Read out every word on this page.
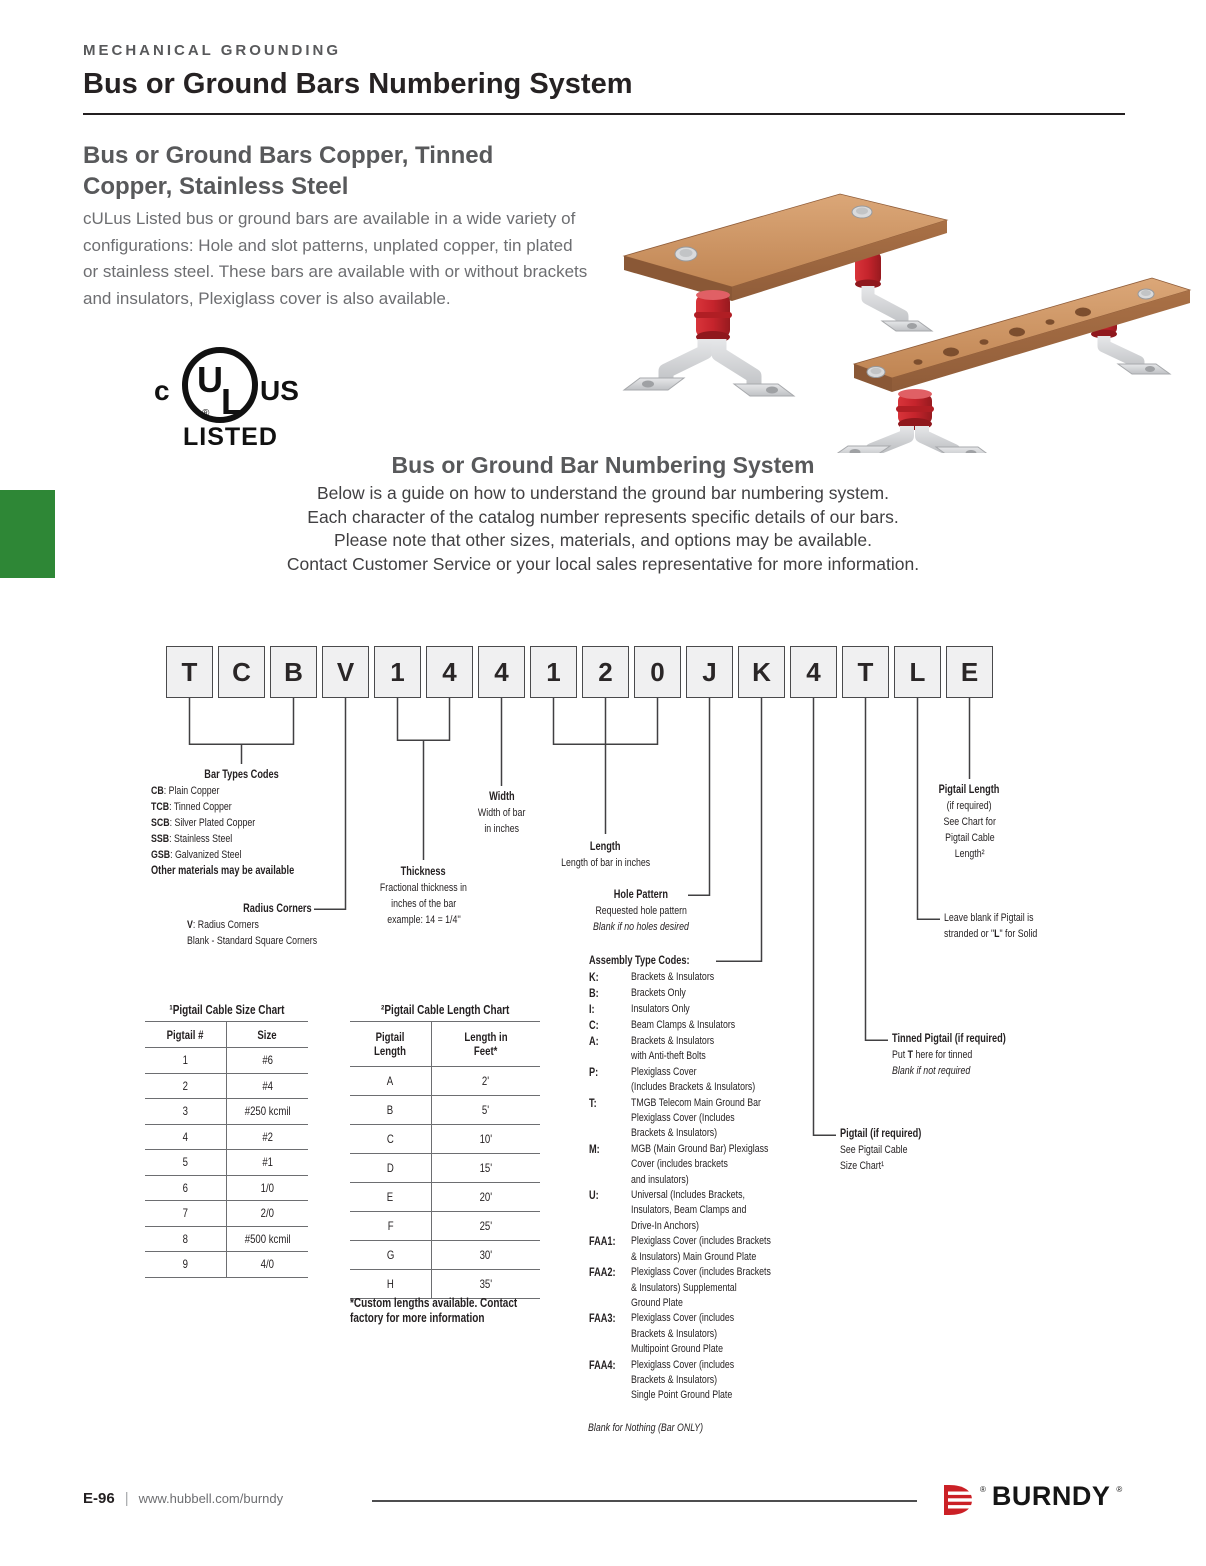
MECHANICAL GROUNDING
Bus or Ground Bars Numbering System
Bus or Ground Bars Copper, Tinned
Copper, Stainless Steel
cULus Listed bus or ground bars are available in a wide variety of configurations: Hole and slot patterns, unplated copper, tin plated or stainless steel. These bars are available with or without brackets and insulators, Plexiglass cover is also available.
U
L
®
c	US
LISTED
Bus or Ground Bar Numbering System
Below is a guide on how to understand the ground bar numbering system.
Each character of the catalog number represents specific details of our bars.
Please note that other sizes, materials, and options may be available.
Contact Customer Service or your local sales representative for more information.
T	C	B	V	1	4	4	1	2	0	J	K	4	T	L	E
Bar Types Codes
CB: Plain Copper
TCB: Tinned Copper
SCB: Silver Plated Copper
SSB: Stainless Steel
GSB: Galvanized Steel
Other materials may be available
Radius Corners
V: Radius Corners
Blank - Standard Square Corners
Thickness
Fractional thickness in
inches of the bar
example: 14 = 1/4''
Width
Width of bar
in inches
Length
Length of bar in inches
Hole Pattern
Requested hole pattern
Blank if no holes desired
Assembly Type Codes:
K:	Brackets & Insulators
B:	Brackets Only
I:	Insulators Only
C:	Beam Clamps & Insulators
A:	Brackets & Insulators
with Anti-theft Bolts
P:	Plexiglass Cover
(Includes Brackets & Insulators)
T:	TMGB Telecom Main Ground Bar
Plexiglass Cover (Includes
Brackets & Insulators)
M:	MGB (Main Ground Bar) Plexiglass
Cover (includes brackets
and insulators)
U:	Universal (Includes Brackets,
Insulators, Beam Clamps and
Drive-In Anchors)
FAA1:	Plexiglass Cover (includes Brackets
& Insulators) Main Ground Plate
FAA2:	Plexiglass Cover (includes Brackets
& Insulators) Supplemental
Ground Plate
FAA3:	Plexiglass Cover (includes
Brackets & Insulators)
Multipoint Ground Plate
FAA4:	Plexiglass Cover (includes
Brackets & Insulators)
Single Point Ground Plate
Blank for Nothing (Bar ONLY)
Pigtail Length
(if required)
See Chart for
Pigtail Cable
Length²
Leave blank if Pigtail is
stranded or "L" for Solid
Tinned Pigtail (if required)
Put T here for tinned
Blank if not required
Pigtail (if required)
See Pigtail Cable
Size Chart¹
¹Pigtail Cable Size Chart
Pigtail #	Size
1	#6
2	#4
3	#250 kcmil
4	#2
5	#1
6	1/0
7	2/0
8	#500 kcmil
9	4/0
²Pigtail Cable Length Chart
Pigtail
Length
Length in
Feet*
A	2'
B	5'
C	10'
D	15'
E	20'
F	25'
G	30'
H	35'
*Custom lengths available. Contact
factory for more information
E-96 | www.hubbell.com/burndy
® BURNDY ®
